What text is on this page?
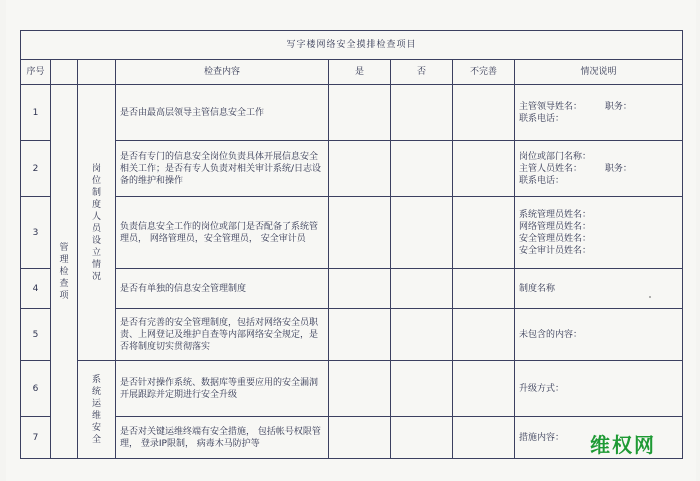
写字楼网络安全摸排检查项目							
序号			检查内容	是	否	不完善	情况说明
1	管理检查项	岗位制度人员设立情况	是否由最高层领导主管信息安全工作				主管领导姓名：        职务：
联系电话：

2			是否有专门的信息安全岗位负责具体开展信息安全相关工作；是否有专人负责对相关审计系统/日志设备的维护和操作				岗位或部门名称：
主管人员姓名：        职务：
联系电话：

3			负责信息安全工作的岗位或部门是否配备了系统管理员， 网络管理员，安全管理员， 安全审计员				系统管理员姓名：
网络管理员姓名：
安全管理员姓名：
安全审计员姓名：

4			是否有单独的信息安全管理制度				制度名称

5			是否有完善的安全管理制度，包括对网络安全员职责、上网登记及维护自查等内部网络安全规定，是否将制度切实贯彻落实				未包含的内容：

6		系统运维安全	是否针对操作系统、数据库等重要应用的安全漏洞开展跟踪并定期进行安全升级				升级方式：

7			是否对关键运维终端有安全措施， 包括帐号权限管理， 登录IP限制， 病毒木马防护等				措施内容：	维权网
